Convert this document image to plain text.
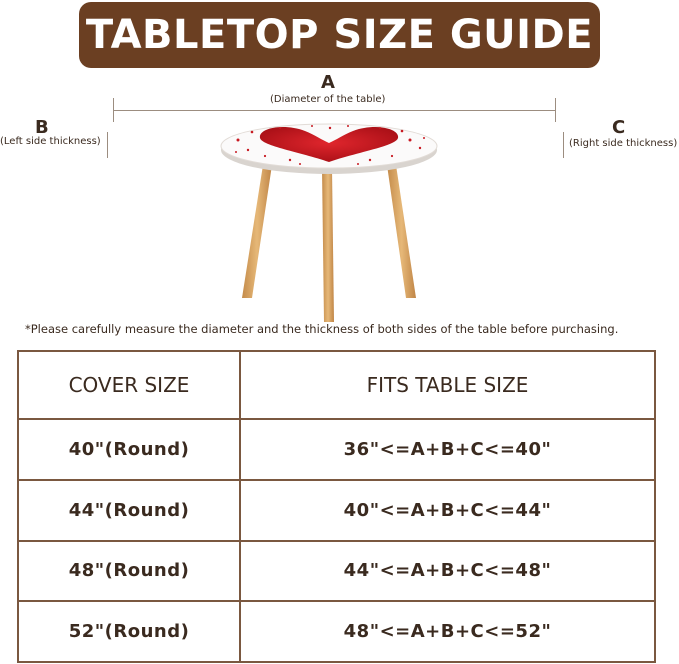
TABLETOP SIZE GUIDE
A
(Diameter of the table)
B
(Left side thickness)
C
(Right side thickness)
*Please carefully measure the diameter and the thickness of both sides of the table before purchasing.
COVER SIZE	FITS TABLE SIZE
40"(Round)	36"<=A+B+C<=40"
44"(Round)	40"<=A+B+C<=44"
48"(Round)	44"<=A+B+C<=48"
52"(Round)	48"<=A+B+C<=52"
